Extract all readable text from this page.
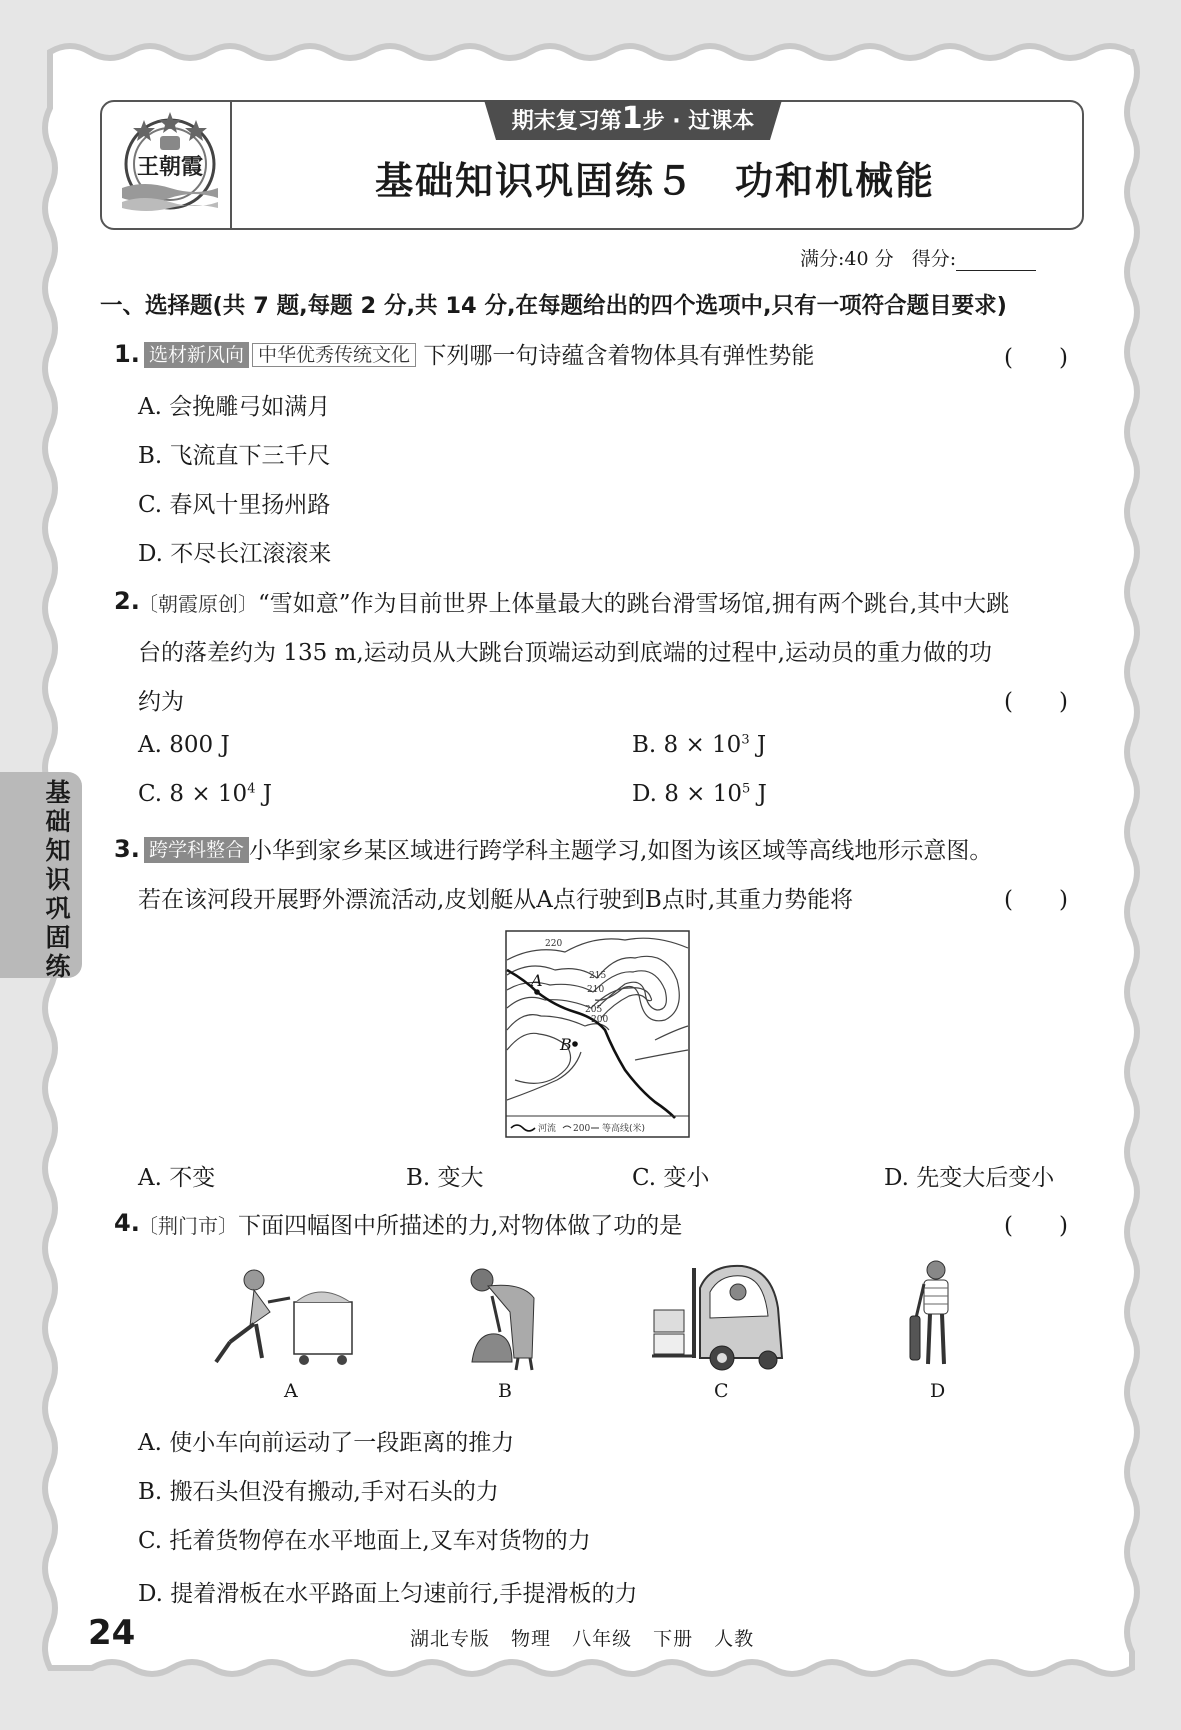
王朝霞
期末复习第1步 · 过课本
基础知识巩固练５　功和机械能
满分:40 分 得分:
一、选择题(共 7 题,每题 2 分,共 14 分,在每题给出的四个选项中,只有一项符合题目要求)
1. 选材新风向 中华优秀传统文化 下列哪一句诗蕴含着物体具有弹性势能	(　　)
A. 会挽雕弓如满月
B. 飞流直下三千尺
C. 春风十里扬州路
D. 不尽长江滚滚来
2.
〔朝霞原创〕“雪如意”作为目前世界上体量最大的跳台滑雪场馆,拥有两个跳台,其中大跳
台的落差约为 135 m,运动员从大跳台顶端运动到底端的过程中,运动员的重力做的功
约为	(　　)
A. 800 J	B. $8 \times 10^3$ J
C. $8 \times 10^4$ J	D. $8 \times 10^5$ J
基础知识巩固练
3. 跨学科整合 小华到家乡某区域进行跨学科主题学习,如图为该区域等高线地形示意图。
若在该河段开展野外漂流活动,皮划艇从A点行驶到B点时,其重力势能将	(　　)
220
215
210
205
200
A
B
河流 200 等高线(米)
A. 不变	B. 变大	C. 变小	D. 先变大后变小
4.
〔荆门市〕下面四幅图中所描述的力,对物体做了功的是	(　　)
A	B	C	D
A. 使小车向前运动了一段距离的推力
B. 搬石头但没有搬动,手对石头的力
C. 托着货物停在水平地面上,叉车对货物的力
D. 提着滑板在水平路面上匀速前行,手提滑板的力
24	湖北专版 物理 八年级 下册 人教
